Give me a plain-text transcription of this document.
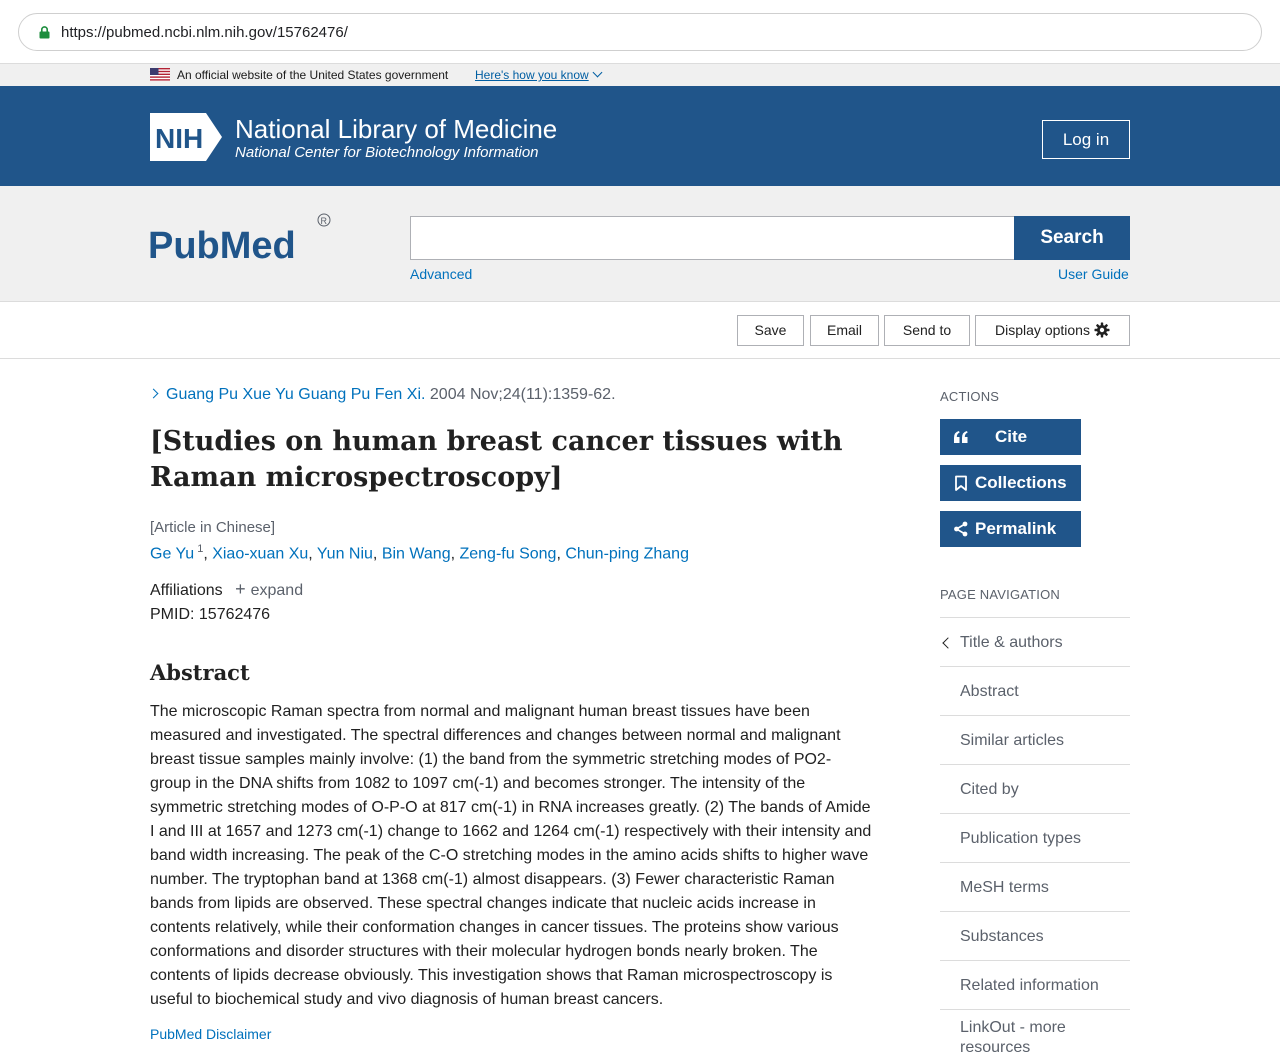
https://pubmed.ncbi.nlm.nih.gov/15762476/
An official website of the United States government Here's how you know
NIH National Library of Medicine
National Center for Biotechnology Information
Log in
PubMed
R
Search
Advanced	User Guide
Save	Email	Send to	Display options
Guang Pu Xue Yu Guang Pu Fen Xi. 2004 Nov;24(11):1359-62.
[Studies on human breast cancer tissues with Raman microspectroscopy]
[Article in Chinese]
Ge Yu $^1$, Xiao-xuan Xu, Yun Niu, Bin Wang, Zeng-fu Song, Chun-ping Zhang
Affiliations + expand
PMID: 15762476
Abstract

The microscopic Raman spectra from normal and malignant human breast tissues have been measured and investigated. The spectral differences and changes between normal and malignant breast tissue samples mainly involve: (1) the band from the symmetric stretching modes of PO2- group in the DNA shifts from 1082 to 1097 cm(-1) and becomes stronger. The intensity of the symmetric stretching modes of O-P-O at 817 cm(-1) in RNA increases greatly. (2) The bands of Amide I and III at 1657 and 1273 cm(-1) change to 1662 and 1264 cm(-1) respectively with their intensity and band width increasing. The peak of the C-O stretching modes in the amino acids shifts to higher wave number. The tryptophan band at 1368 cm(-1) almost disappears. (3) Fewer characteristic Raman bands from lipids are observed. These spectral changes indicate that nucleic acids increase in contents relatively, while their conformation changes in cancer tissues. The proteins show various conformations and disorder structures with their molecular hydrogen bonds nearly broken. The contents of lipids decrease obviously. This investigation shows that Raman microspectroscopy is useful to biochemical study and vivo diagnosis of human breast cancers.

PubMed Disclaimer
ACTIONS
Cite
Collections
Permalink
PAGE NAVIGATION
Title & authors
Abstract
Similar articles
Cited by
Publication types
MeSH terms
Substances
Related information
LinkOut - more resources
